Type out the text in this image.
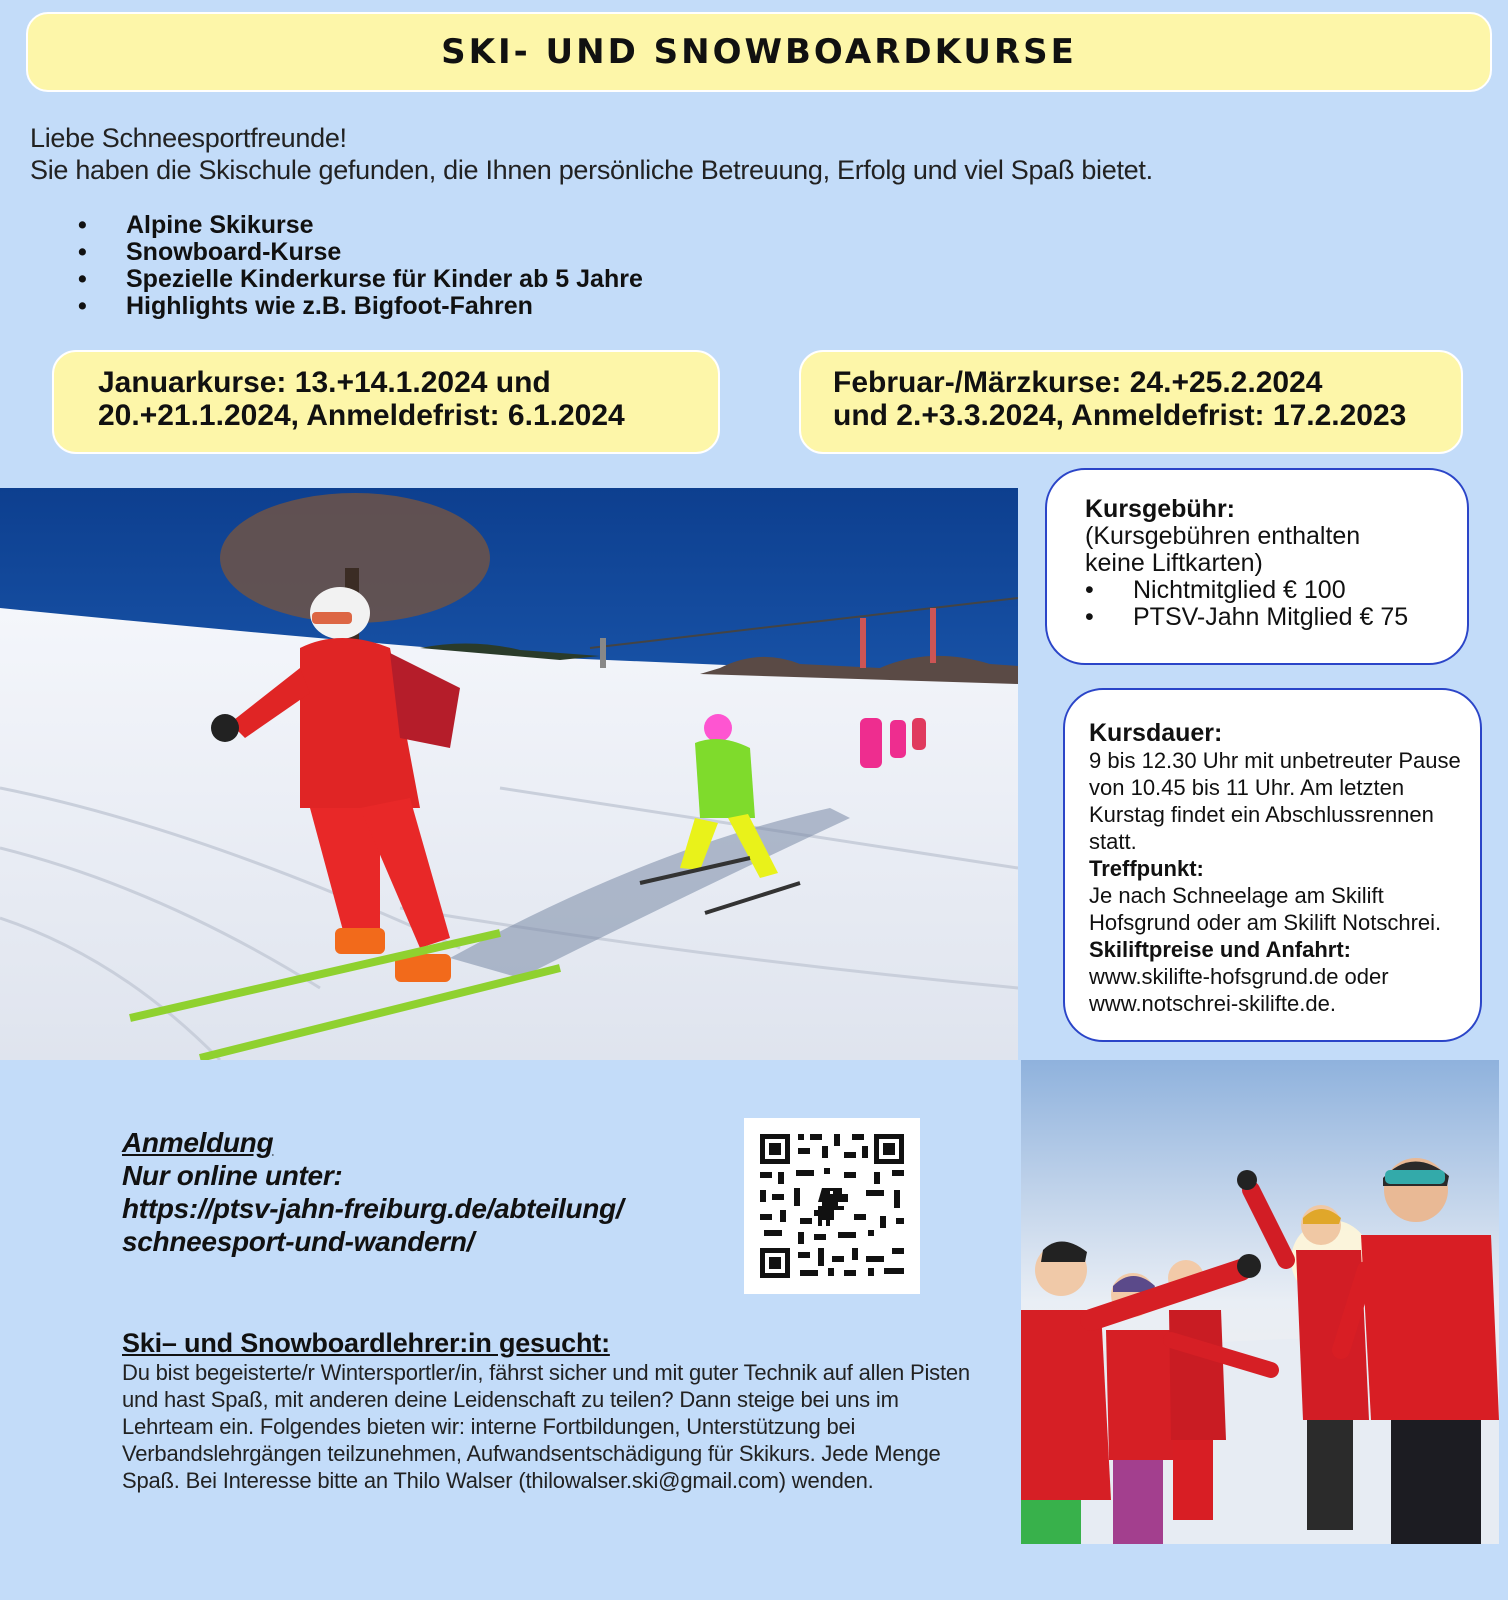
SKI- UND SNOWBOARDKURSE

Liebe Schneesportfreunde!

Sie haben die Skischule gefunden, die Ihnen persönliche Betreuung, Erfolg und viel Spaß bietet.

• Alpine Skikurse
• Snowboard-Kurse
• Spezielle Kinderkurse für Kinder ab 5 Jahre
• Highlights wie z.B. Bigfoot-Fahren

Januarkurse: 13.+14.1.2024 und

20.+21.1.2024, Anmeldefrist: 6.1.2024

Februar-/Märzkurse: 24.+25.2.2024

und 2.+3.3.2024, Anmeldefrist: 17.2.2023

Kursgebühr:

(Kursgebühren enthalten keine Liftkarten)

• Nichtmitglied € 100
• PTSV-Jahn Mitglied € 75

Kursdauer:

9 bis 12.30 Uhr mit unbetreuter Pause von 10.45 bis 11 Uhr. Am letzten Kurstag findet ein Abschlussrennen statt.

Treffpunkt:

Je nach Schneelage am Skilift Hofsgrund oder am Skilift Notschrei.

Skiliftpreise und Anfahrt:

www.skilifte-hofsgrund.de oder

www.notschrei-skilifte.de.

Anmeldung

Nur online unter:

https://ptsv-jahn-freiburg.de/abteilung/

schneesport-und-wandern/

Ski– und Snowboardlehrer:in gesucht:

Du bist begeisterte/r Wintersportler/in, fährst sicher und mit guter Technik auf allen Pisten und hast Spaß, mit anderen deine Leidenschaft zu teilen? Dann steige bei uns im Lehrteam ein. Folgendes bieten wir: interne Fortbildungen, Unterstützung bei Verbandslehrgängen teilzunehmen, Aufwandsentschädigung für Skikurs. Jede Menge Spaß. Bei Interesse bitte an Thilo Walser (thilowalser.ski@gmail.com) wenden.
